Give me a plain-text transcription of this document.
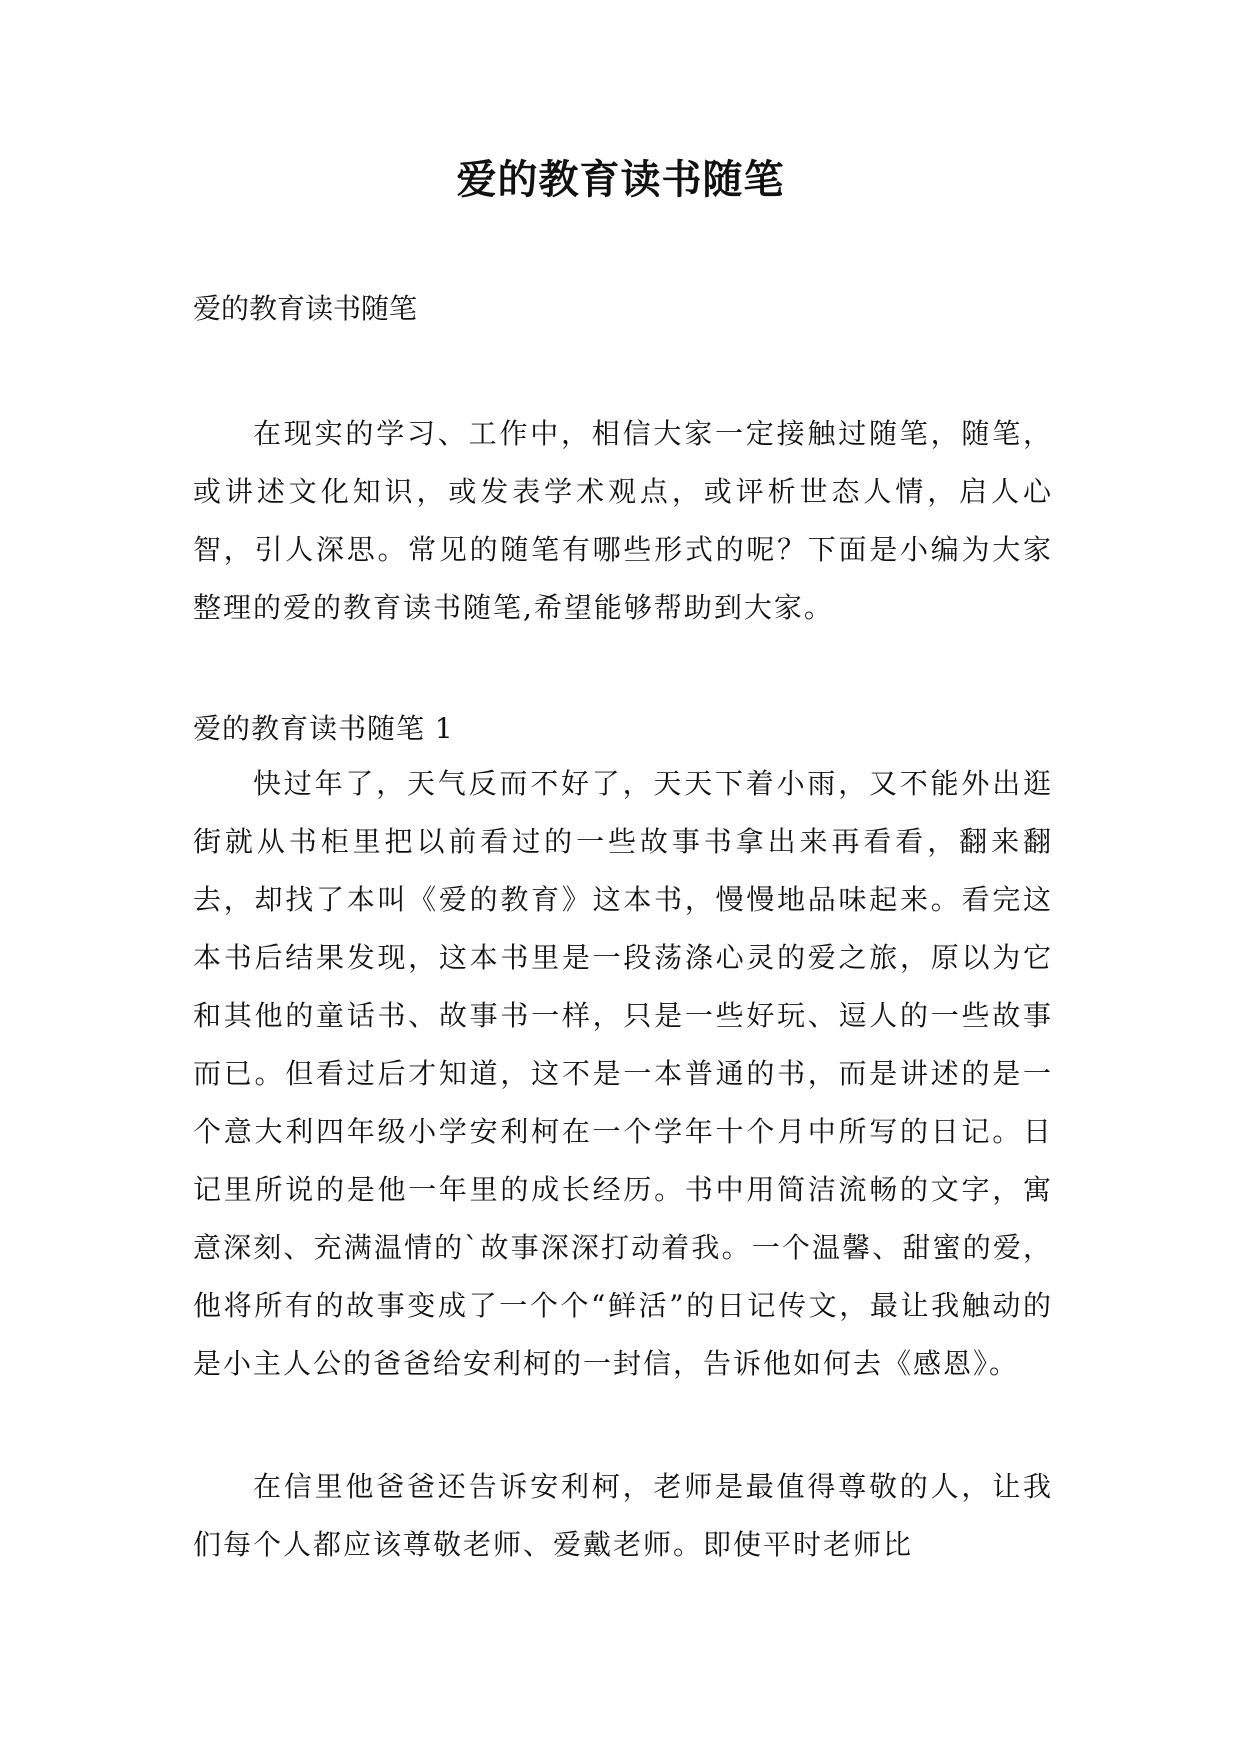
爱的教育读书随笔

爱的教育读书随笔

在现实的学习、工作中，相信大家一定接触过随笔，随笔，或讲述文化知识，或发表学术观点，或评析世态人情，启人心智，引人深思。常见的随笔有哪些形式的呢？下面是小编为大家整理的爱的教育读书随笔,希望能够帮助到大家。

爱的教育读书随笔 1

快过年了，天气反而不好了，天天下着小雨，又不能外出逛街就从书柜里把以前看过的一些故事书拿出来再看看，翻来翻去，却找了本叫《爱的教育》这本书，慢慢地品味起来。看完这本书后结果发现，这本书里是一段荡涤心灵的爱之旅，原以为它和其他的童话书、故事书一样，只是一些好玩、逗人的一些故事而已。但看过后才知道，这不是一本普通的书，而是讲述的是一个意大利四年级小学安利柯在一个学年十个月中所写的日记。日记里所说的是他一年里的成长经历。书中用简洁流畅的文字，寓意深刻、充满温情的`故事深深打动着我。一个温馨、甜蜜的爱，他将所有的故事变成了一个个“鲜活”的日记传文，最让我触动的是小主人公的爸爸给安利柯的一封信，告诉他如何去《感恩》。

在信里他爸爸还告诉安利柯，老师是最值得尊敬的人，让我们每个人都应该尊敬老师、爱戴老师。即使平时老师比
